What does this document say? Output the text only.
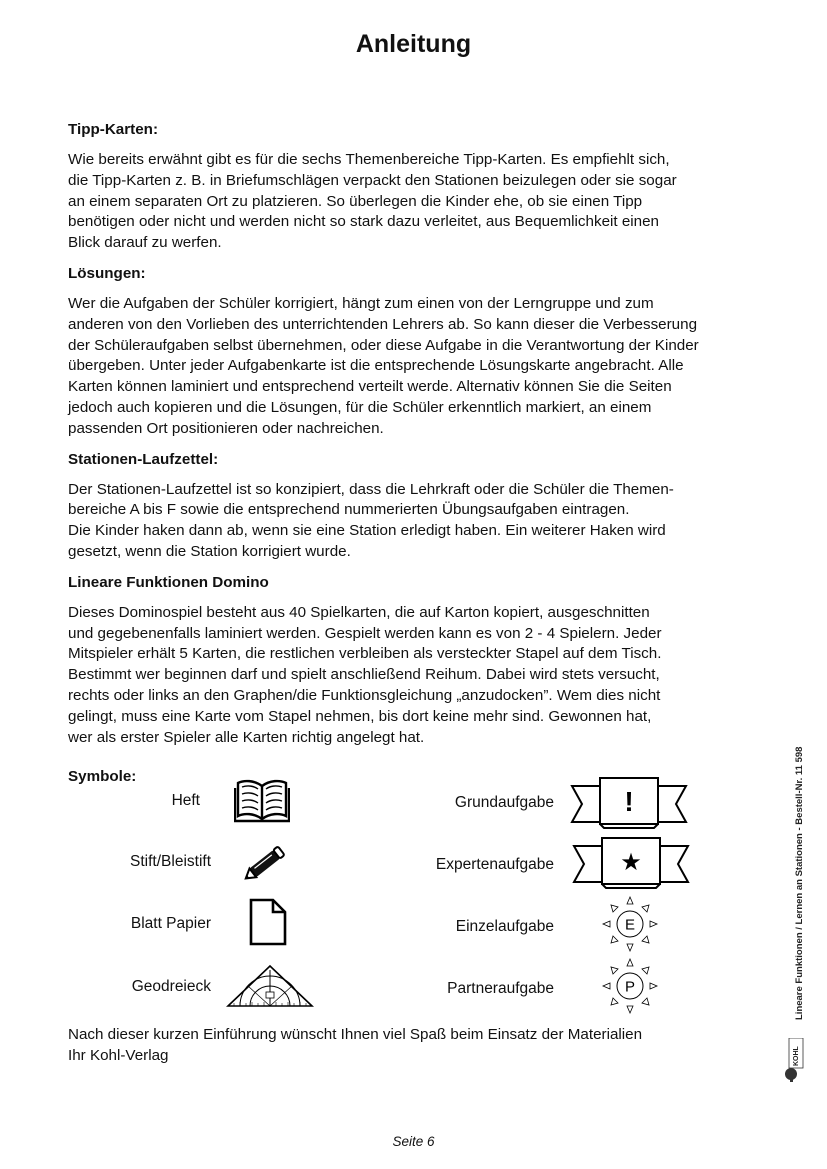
Anleitung
Tipp-Karten:
Wie bereits erwähnt gibt es für die sechs Themenbereiche Tipp-Karten. Es empfiehlt sich,
die Tipp-Karten z. B. in Briefumschlägen verpackt den Stationen beizulegen oder sie sogar
an einem separaten Ort zu platzieren. So überlegen die Kinder ehe, ob sie einen Tipp
benötigen oder nicht und werden nicht so stark dazu verleitet, aus Bequemlichkeit einen
Blick darauf zu werfen.
Lösungen:
Wer die Aufgaben der Schüler korrigiert, hängt zum einen von der Lerngruppe und zum
anderen von den Vorlieben des unterrichtenden Lehrers ab. So kann dieser die Verbesserung
der Schüleraufgaben selbst übernehmen, oder diese Aufgabe in die Verantwortung der Kinder
übergeben. Unter jeder Aufgabenkarte ist die entsprechende Lösungskarte angebracht. Alle
Karten können laminiert und entsprechend verteilt werde. Alternativ können Sie die Seiten
jedoch auch kopieren und die Lösungen, für die Schüler erkenntlich markiert, an einem
passenden Ort positionieren oder nachreichen.
Stationen-Laufzettel:
Der Stationen-Laufzettel ist so konzipiert, dass die Lehrkraft oder die Schüler die Themen-
bereiche A bis F sowie die entsprechend nummerierten Übungsaufgaben eintragen.
Die Kinder haken dann ab, wenn sie eine Station erledigt haben. Ein weiterer Haken wird
gesetzt, wenn die Station korrigiert wurde.
Lineare Funktionen Domino
Dieses Dominospiel besteht aus 40 Spielkarten, die auf Karton kopiert, ausgeschnitten
und gegebenenfalls laminiert werden. Gespielt werden kann es von 2 - 4 Spielern. Jeder
Mitspieler erhält 5 Karten, die restlichen verbleiben als versteckter Stapel auf dem Tisch.
Bestimmt wer beginnen darf und spielt anschließend Reihum. Dabei wird stets versucht,
rechts oder links an den Graphen/die Funktionsgleichung „anzudocken”. Wem dies nicht
gelingt, muss eine Karte vom Stapel nehmen, bis dort keine mehr sind. Gewonnen hat,
wer als erster Spieler alle Karten richtig angelegt hat.
Symbole:
Heft
Stift/Bleistift
Blatt Papier
Geodreieck
Grundaufgabe
Expertenaufgabe
Einzelaufgabe
Partneraufgabe
!
★
E
P
Nach dieser kurzen Einführung wünscht Ihnen viel Spaß beim Einsatz der Materialien
Ihr Kohl-Verlag
Lineare Funktionen / Lernen an Stationen - Bestell-Nr. 11 598
KOHL
Seite 6
